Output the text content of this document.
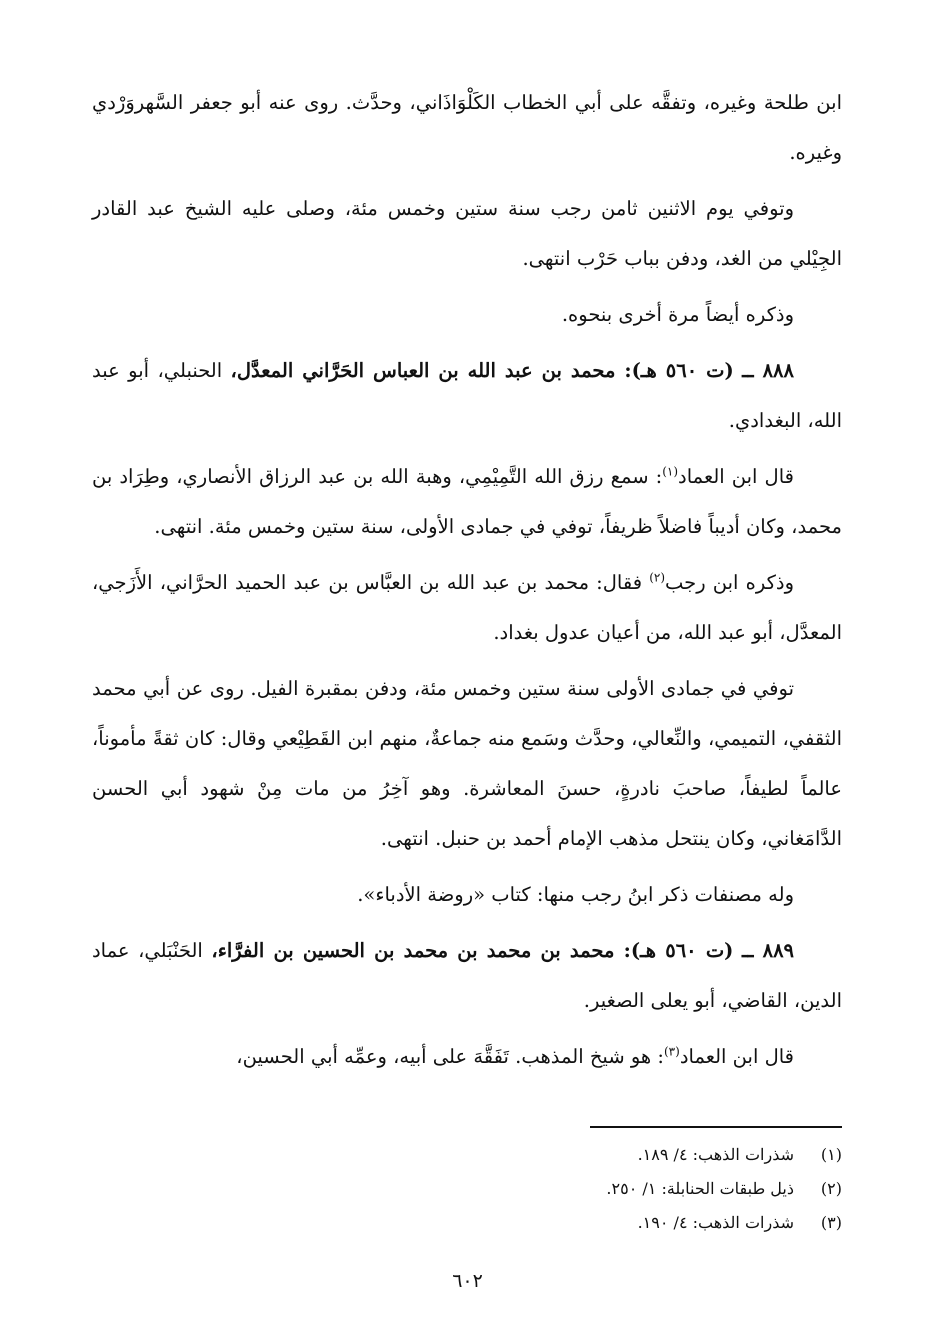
ابن طلحة وغيره، وتفقَّه على أبي الخطاب الكَلْوَاذَاني، وحدَّث. روى عنه أبو جعفر السَّهروَرْدي وغيره.

وتوفي يوم الاثنين ثامن رجب سنة ستين وخمس مئة، وصلى عليه الشيخ عبد القادر الجِيْلي من الغد، ودفن بباب حَرْب انتهى.

وذكره أيضاً مرة أخرى بنحوه.

٨٨٨ ــ (ت ٥٦٠ هـ): محمد بن عبد الله بن العباس الحَرَّاني المعدَّل، الحنبلي، أبو عبد الله، البغدادي.

قال ابن العماد$^{(١)}$: سمع رزق الله التَّمِيْمِي، وهبة الله بن عبد الرزاق الأنصاري، وطِرَاد بن محمد، وكان أديباً فاضلاً ظريفاً، توفي في جمادى الأولى، سنة ستين وخمس مئة. انتهى.

وذكره ابن رجب$^{(٢)}$ فقال: محمد بن عبد الله بن العبَّاس بن عبد الحميد الحرَّاني، الأَزَجي، المعدَّل، أبو عبد الله، من أعيان عدول بغداد.

توفي في جمادى الأولى سنة ستين وخمس مئة، ودفن بمقبرة الفيل. روى عن أبي محمد الثقفي، التميمي، والنِّعالي، وحدَّث وسَمع منه جماعةٌ، منهم ابن القَطِيْعي وقال: كان ثقةً مأموناً، عالماً لطيفاً، صاحبَ نادرةٍ، حسنَ المعاشرة. وهو آخِرُ من مات مِنْ شهود أبي الحسن الدَّامَغاني، وكان ينتحل مذهب الإمام أحمد بن حنبل. انتهى.

وله مصنفات ذكر ابنُ رجب منها: كتاب «روضة الأدباء».

٨٨٩ ــ (ت ٥٦٠ هـ): محمد بن محمد بن محمد بن الحسين بن الفرَّاء، الحَنْبَلي، عماد الدين، القاضي، أبو يعلى الصغير.

قال ابن العماد$^{(٣)}$: هو شيخ المذهب. تَفَقَّهَ على أبيه، وعمِّه أبي الحسين،

(١)شذرات الذهب: ٤/ ١٨٩.
(٢)ذيل طبقات الحنابلة: ١/ ٢٥٠.
(٣)شذرات الذهب: ٤/ ١٩٠.
٦٠٢
